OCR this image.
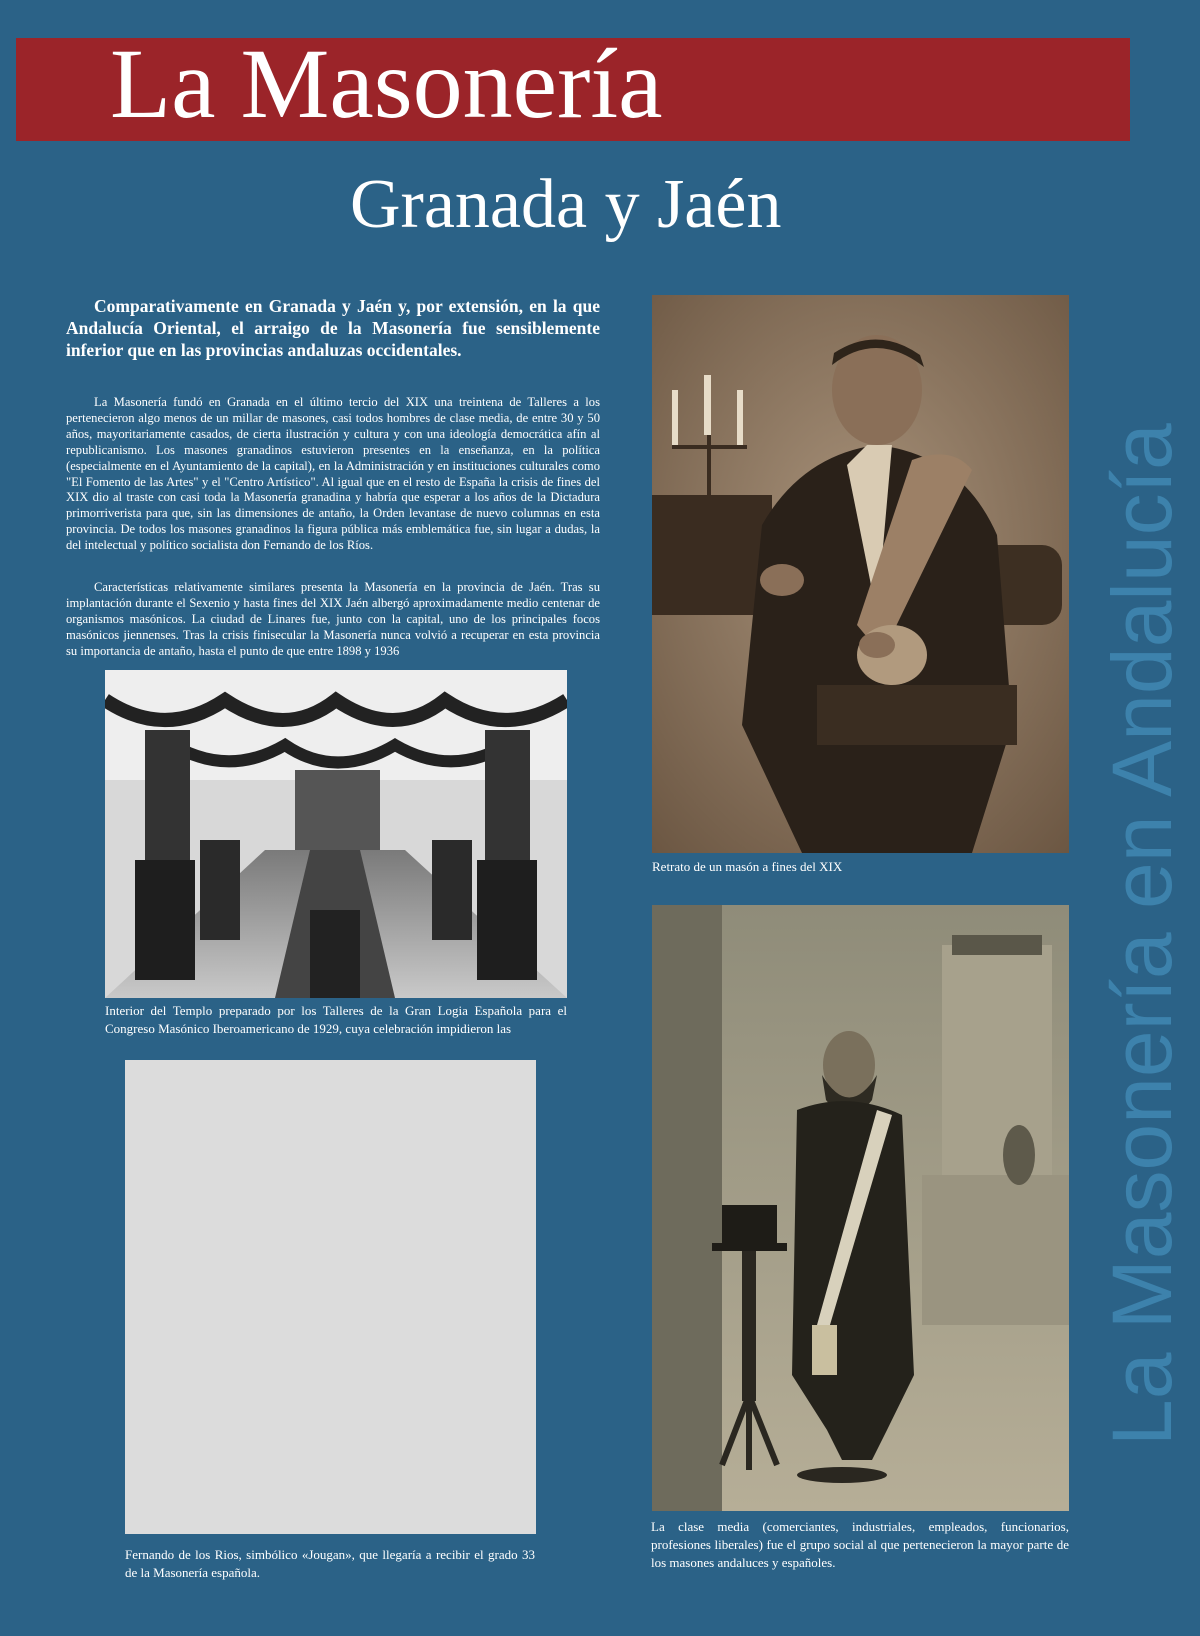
La Masonería
Granada y Jaén
La Masonería en Andalucía

Comparativamente en Granada y Jaén y, por extensión, en la que Andalucía Oriental, el arraigo de la Masonería fue sensiblemente inferior que en las provincias andaluzas occidentales.

La Masonería fundó en Granada en el último tercio del XIX una treintena de Talleres a los pertenecieron algo menos de un millar de masones, casi todos hombres de clase media, de entre 30 y 50 años, mayoritariamente casados, de cierta ilustración y cultura y con una ideología democrática afín al republicanismo. Los masones granadinos estuvieron presentes en la enseñanza, en la política (especialmente en el Ayuntamiento de la capital), en la Administración y en instituciones culturales como "El Fomento de las Artes" y el "Centro Artístico". Al igual que en el resto de España la crisis de fines del XIX dio al traste con casi toda la Masonería granadina y habría que esperar a los años de la Dictadura primorriverista para que, sin las dimensiones de antaño, la Orden levantase de nuevo columnas en esta provincia. De todos los masones granadinos la figura pública más emblemática fue, sin lugar a dudas, la del intelectual y político socialista don Fernando de los Ríos.

Características relativamente similares presenta la Masonería en la provincia de Jaén. Tras su implantación durante el Sexenio y hasta fines del XIX Jaén albergó aproximadamente medio centenar de organismos masónicos. La ciudad de Linares fue, junto con la capital, uno de los principales focos masónicos jiennenses. Tras la crisis finisecular la Masonería nunca volvió a recuperar en esta provincia su importancia de antaño, hasta el punto de que entre 1898 y 1936

Interior del Templo preparado por los Talleres de la Gran Logia Española para el Congreso Masónico Iberoamericano de 1929, cuya celebración impidieron las

Retrato de un masón a fines del XIX

Fernando de los Rios, simbólico «Jougan», que llegaría a recibir el grado 33 de la Masonería española.

La clase media (comerciantes, industriales, empleados, funcionarios, profesiones liberales) fue el grupo social al que pertenecieron la mayor parte de los masones andaluces y españoles.
